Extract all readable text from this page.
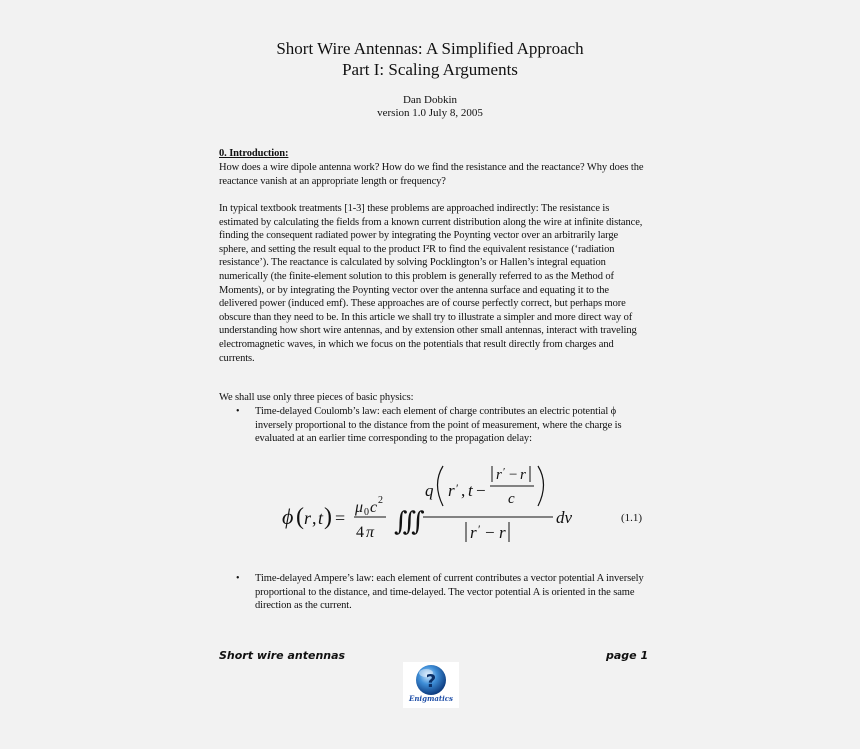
Short Wire Antennas: A Simplified Approach
Part I: Scaling Arguments
Dan Dobkin
version 1.0 July 8, 2005
0. Introduction:
How does a wire dipole antenna work? How do we find the resistance and the reactance? Why does the reactance vanish at an appropriate length or frequency?
In typical textbook treatments [1-3] these problems are approached indirectly: The resistance is estimated by calculating the fields from a known current distribution along the wire at infinite distance, finding the consequent radiated power by integrating the Poynting vector over an arbitrarily large sphere, and setting the result equal to the product I²R to find the equivalent resistance (‘radiation resistance’). The reactance is calculated by solving Pocklington’s or Hallen’s integral equation numerically (the finite-element solution to this problem is generally referred to as the Method of Moments), or by integrating the Poynting vector over the antenna surface and equating it to the delivered power (induced emf). These approaches are of course perfectly correct, but perhaps more obscure than they need to be. In this article we shall try to illustrate a simpler and more direct way of understanding how short wire antennas, and by extension other small antennas, interact with traveling electromagnetic waves, in which we focus on the potentials that result directly from charges and currents.
We shall use only three pieces of basic physics:
• Time-delayed Coulomb’s law: each element of charge contributes an electric potential ϕ inversely proportional to the distance from the point of measurement, where the charge is evaluated at an earlier time corresponding to the propagation delay:
ϕ ( r , t ) =
μ 0 c 2
4 π ∭
q r ′ , t −
r ′ − r
c
r ′ − r
dv	(1.1)
• Time-delayed Ampere’s law: each element of current contributes a vector potential A inversely proportional to the distance, and time-delayed. The vector potential A is oriented in the same direction as the current.
Short wire antennas	page 1
?
Enigmatics
